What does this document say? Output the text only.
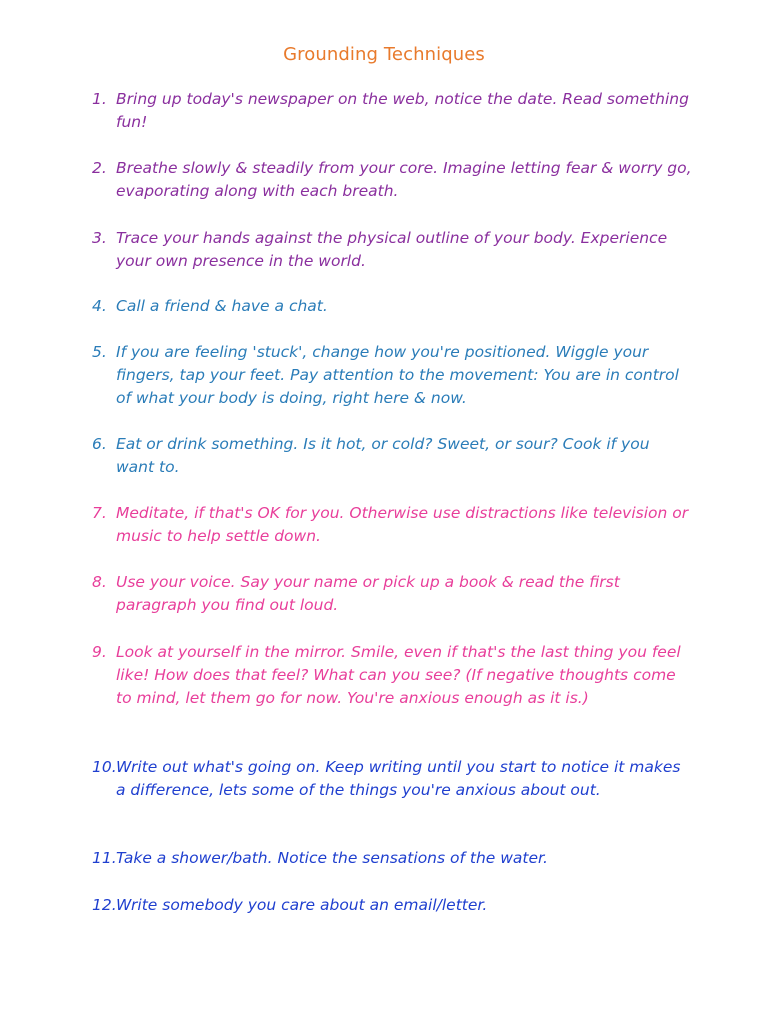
Grounding Techniques
1. Bring up today's newspaper on the web, notice the date. Read something fun!
2. Breathe slowly & steadily from your core. Imagine letting fear & worry go, evaporating along with each breath.
3. Trace your hands against the physical outline of your body. Experience your own presence in the world.
4. Call a friend & have a chat.
5. If you are feeling 'stuck', change how you're positioned. Wiggle your fingers, tap your feet. Pay attention to the movement: You are in control of what your body is doing, right here & now.
6. Eat or drink something. Is it hot, or cold? Sweet, or sour? Cook if you want to.
7. Meditate, if that's OK for you. Otherwise use distractions like television or music to help settle down.
8. Use your voice. Say your name or pick up a book & read the first paragraph you find out loud.
9. Look at yourself in the mirror. Smile, even if that's the last thing you feel like! How does that feel? What can you see? (If negative thoughts come to mind, let them go for now. You're anxious enough as it is.)
10. Write out what's going on. Keep writing until you start to notice it makes a difference, lets some of the things you're anxious about out.
11. Take a shower/bath. Notice the sensations of the water.
12. Write somebody you care about an email/letter.
